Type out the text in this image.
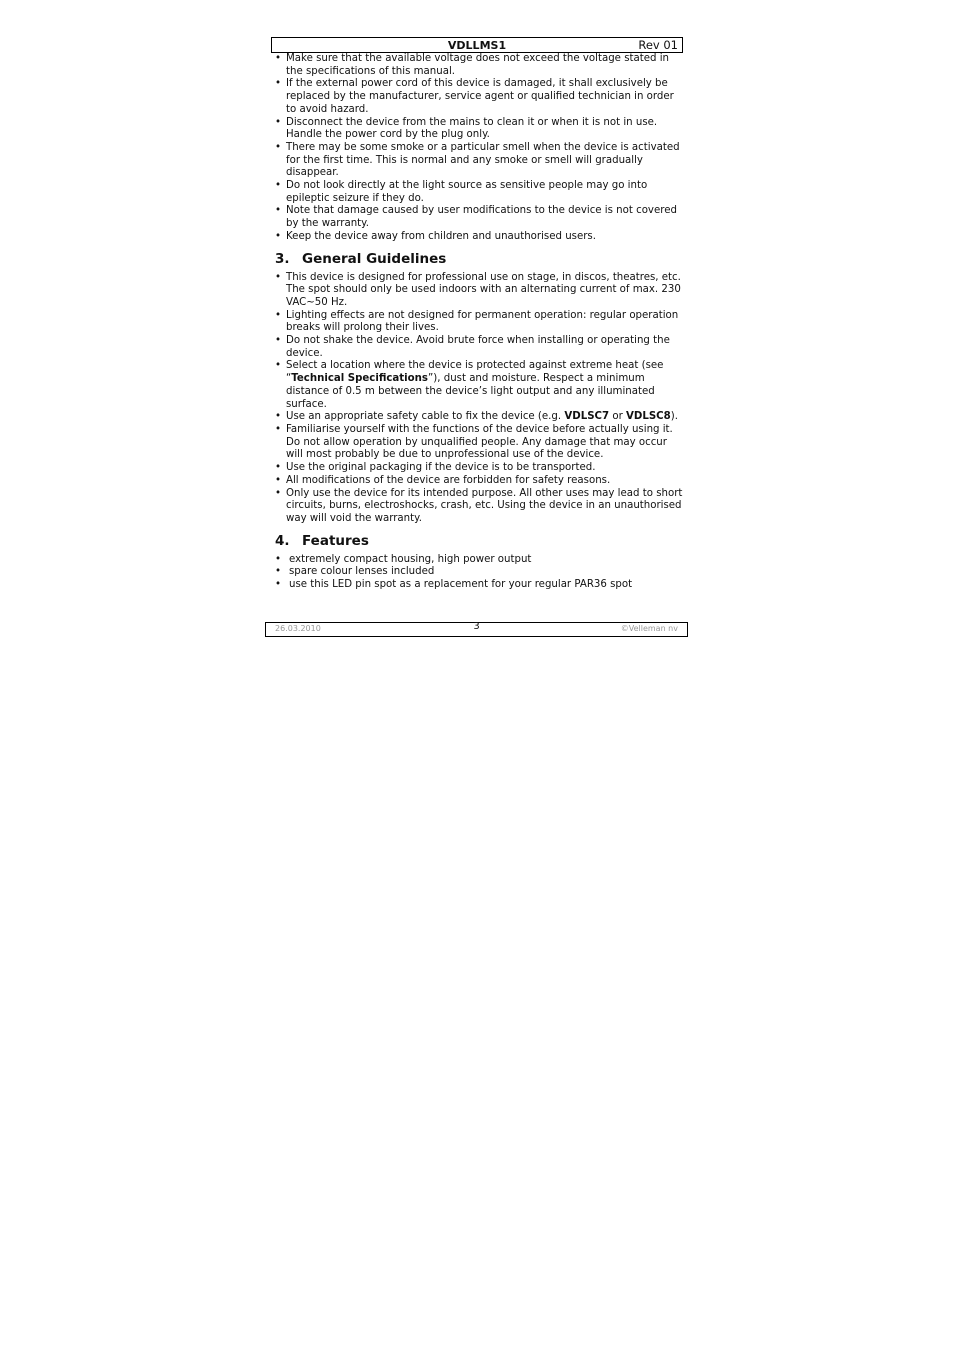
VDLLMS1	Rev 01
• Make sure that the available voltage does not exceed the voltage stated in the specifications of this manual.
• If the external power cord of this device is damaged, it shall exclusively be replaced by the manufacturer, service agent or qualified technician in order to avoid hazard.
• Disconnect the device from the mains to clean it or when it is not in use. Handle the power cord by the plug only.
• There may be some smoke or a particular smell when the device is activated for the first time. This is normal and any smoke or smell will gradually disappear.
• Do not look directly at the light source as sensitive people may go into epileptic seizure if they do.
• Note that damage caused by user modifications to the device is not covered by the warranty.
• Keep the device away from children and unauthorised users.
3. General Guidelines
• This device is designed for professional use on stage, in discos, theatres, etc. The spot should only be used indoors with an alternating current of max. 230 VAC~50 Hz.
• Lighting effects are not designed for permanent operation: regular operation breaks will prolong their lives.
• Do not shake the device. Avoid brute force when installing or operating the device.
• Select a location where the device is protected against extreme heat (see “Technical Specifications”), dust and moisture. Respect a minimum distance of 0.5 m between the device’s light output and any illuminated surface.
• Use an appropriate safety cable to fix the device (e.g. VDLSC7 or VDLSC8).
• Familiarise yourself with the functions of the device before actually using it. Do not allow operation by unqualified people. Any damage that may occur will most probably be due to unprofessional use of the device.
• Use the original packaging if the device is to be transported.
• All modifications of the device are forbidden for safety reasons.
• Only use the device for its intended purpose. All other uses may lead to short circuits, burns, electroshocks, crash, etc. Using the device in an unauthorised way will void the warranty.
4. Features
• extremely compact housing, high power output
• spare colour lenses included
• use this LED pin spot as a replacement for your regular PAR36 spot
26.03.2010	3	©Velleman nv
